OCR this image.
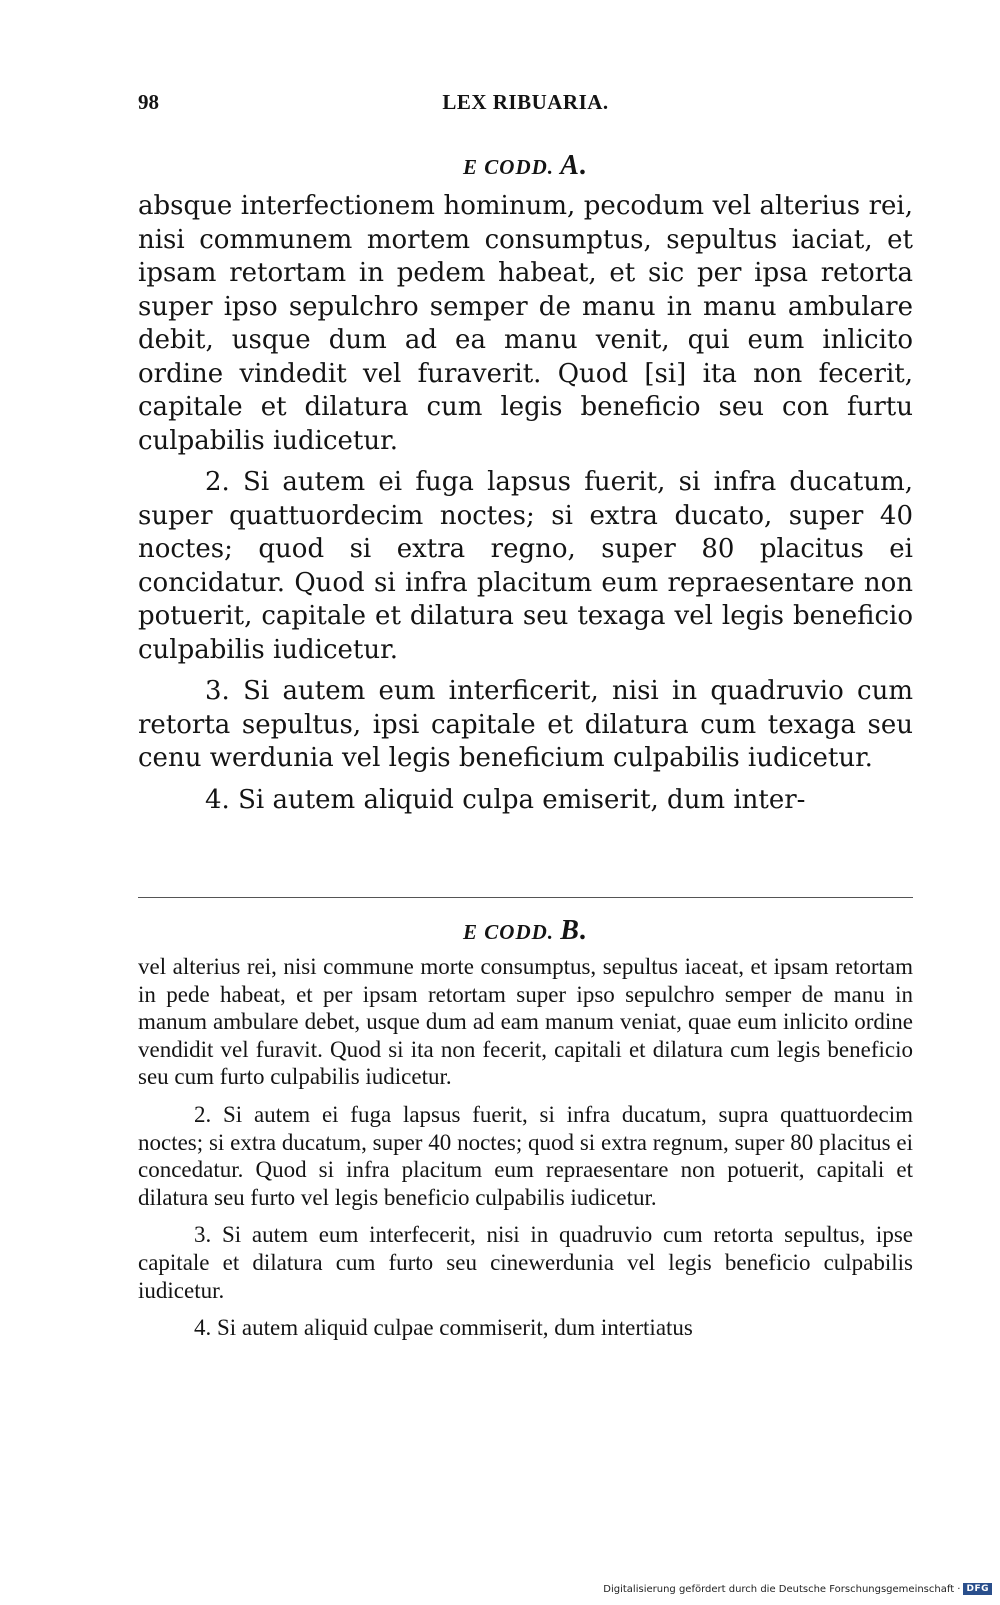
98	LEX RIBUARIA.
E CODD. A.

absque interfectionem hominum, pecodum vel alterius rei, nisi communem mortem consumptus, sepultus iaciat, et ipsam retortam in pedem habeat, et sic per ipsa retorta super ipso sepulchro semper de manu in manu ambulare debit, usque dum ad ea manu venit, qui eum inlicito ordine vindedit vel furaverit. Quod [si] ita non fecerit, capitale et dilatura cum legis beneficio seu con furtu culpabilis iudicetur.

2. Si autem ei fuga lapsus fuerit, si infra ducatum, super quattuordecim noctes; si extra ducato, super 40 noctes; quod si extra regno, super 80 placitus ei concidatur. Quod si infra placitum eum repraesentare non potuerit, capitale et dilatura seu texaga vel legis beneficio culpabilis iudicetur.

3. Si autem eum interficerit, nisi in quadruvio cum retorta sepultus, ipsi capitale et dilatura cum texaga seu cenu werdunia vel legis beneficium culpabilis iudicetur.

4. Si autem aliquid culpa emiserit, dum inter-

E CODD. B.

vel alterius rei, nisi commune morte consumptus, sepultus iaceat, et ipsam retortam in pede habeat, et per ipsam retortam super ipso sepulchro semper de manu in manum ambulare debet, usque dum ad eam manum veniat, quae eum inlicito ordine vendidit vel furavit. Quod si ita non fecerit, capitali et dilatura cum legis beneficio seu cum furto culpabilis iudicetur.

2. Si autem ei fuga lapsus fuerit, si infra ducatum, supra quattuordecim noctes; si extra ducatum, super 40 noctes; quod si extra regnum, super 80 placitus ei concedatur. Quod si infra placitum eum repraesentare non potuerit, capitali et dilatura seu furto vel legis beneficio culpabilis iudicetur.

3. Si autem eum interfecerit, nisi in quadruvio cum retorta sepultus, ipse capitale et dilatura cum furto seu cinewerdunia vel legis beneficio culpabilis iudicetur.

4. Si autem aliquid culpae commiserit, dum intertiatus

Digitalisierung gefördert durch die Deutsche Forschungsgemeinschaft · DFG
